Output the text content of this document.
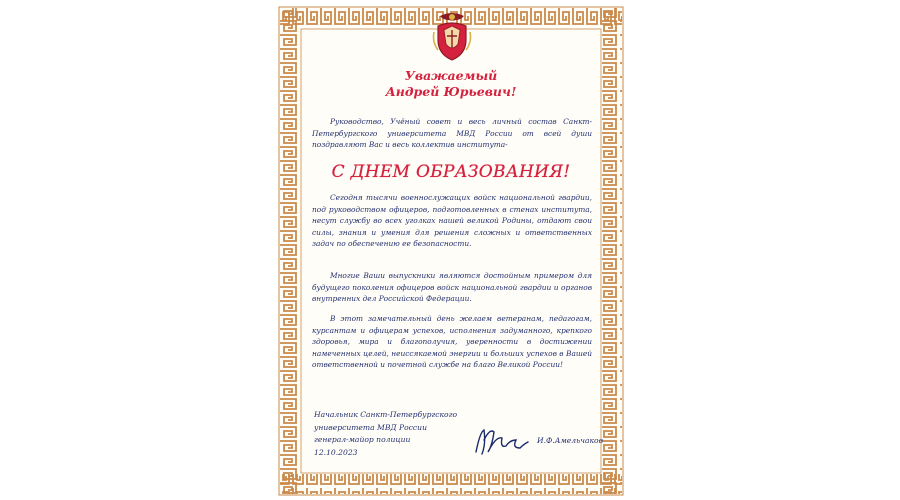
Уважаемый
Андрей Юрьевич!
Руководство, Учёный совет и весь личный состав Санкт-Петербургского университета МВД России от всей души поздравляют Вас и весь коллектив института-
С ДНЕМ ОБРАЗОВАНИЯ!
Сегодня тысячи военнослужащих войск национальной гвардии, под руководством офицеров, подготовленных в стенах института, несут службу во всех уголках нашей великой Родины, отдают свои силы, знания и умения для решения сложных и ответственных задач по обеспечению ее безопасности.
Многие Ваши выпускники являются достойным примером для будущего поколения офицеров войск национальной гвардии и органов внутренних дел Российской Федерации.
В этот замечательный день желаем ветеранам, педагогам, курсантам и офицерам успехов, исполнения задуманного, крепкого здоровья, мира и благополучия, уверенности в достижении намеченных целей, неиссякаемой энергии и больших успехов в Вашей ответственной и почетной службе на благо Великой России!
Начальник Санкт-Петербургского
университета МВД России
генерал-майор полиции
12.10.2023
И.Ф.Амельчаков
